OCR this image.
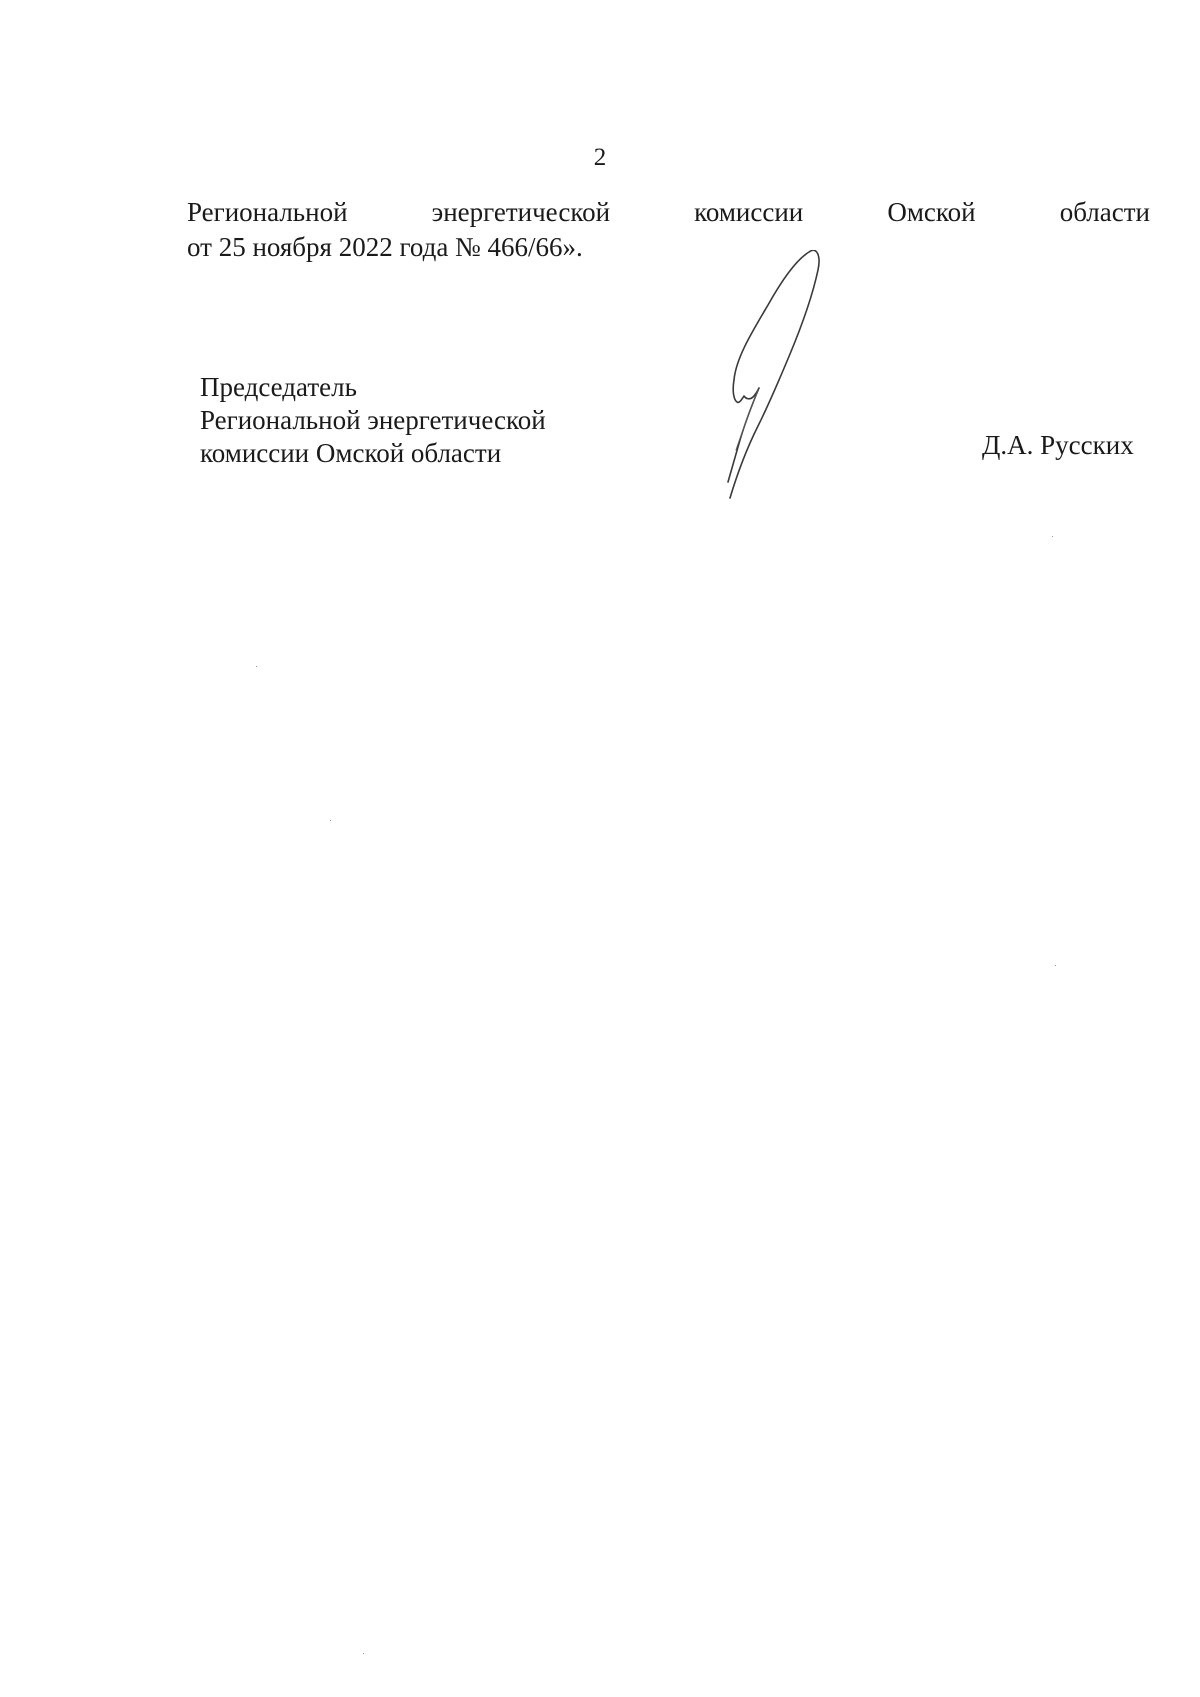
2
Региональной	энергетической	комиссии	Омской	области
от 25 ноября 2022 года № 466/66».
Председатель
Региональной энергетической
комиссии Омской области	Д.А. Русских
